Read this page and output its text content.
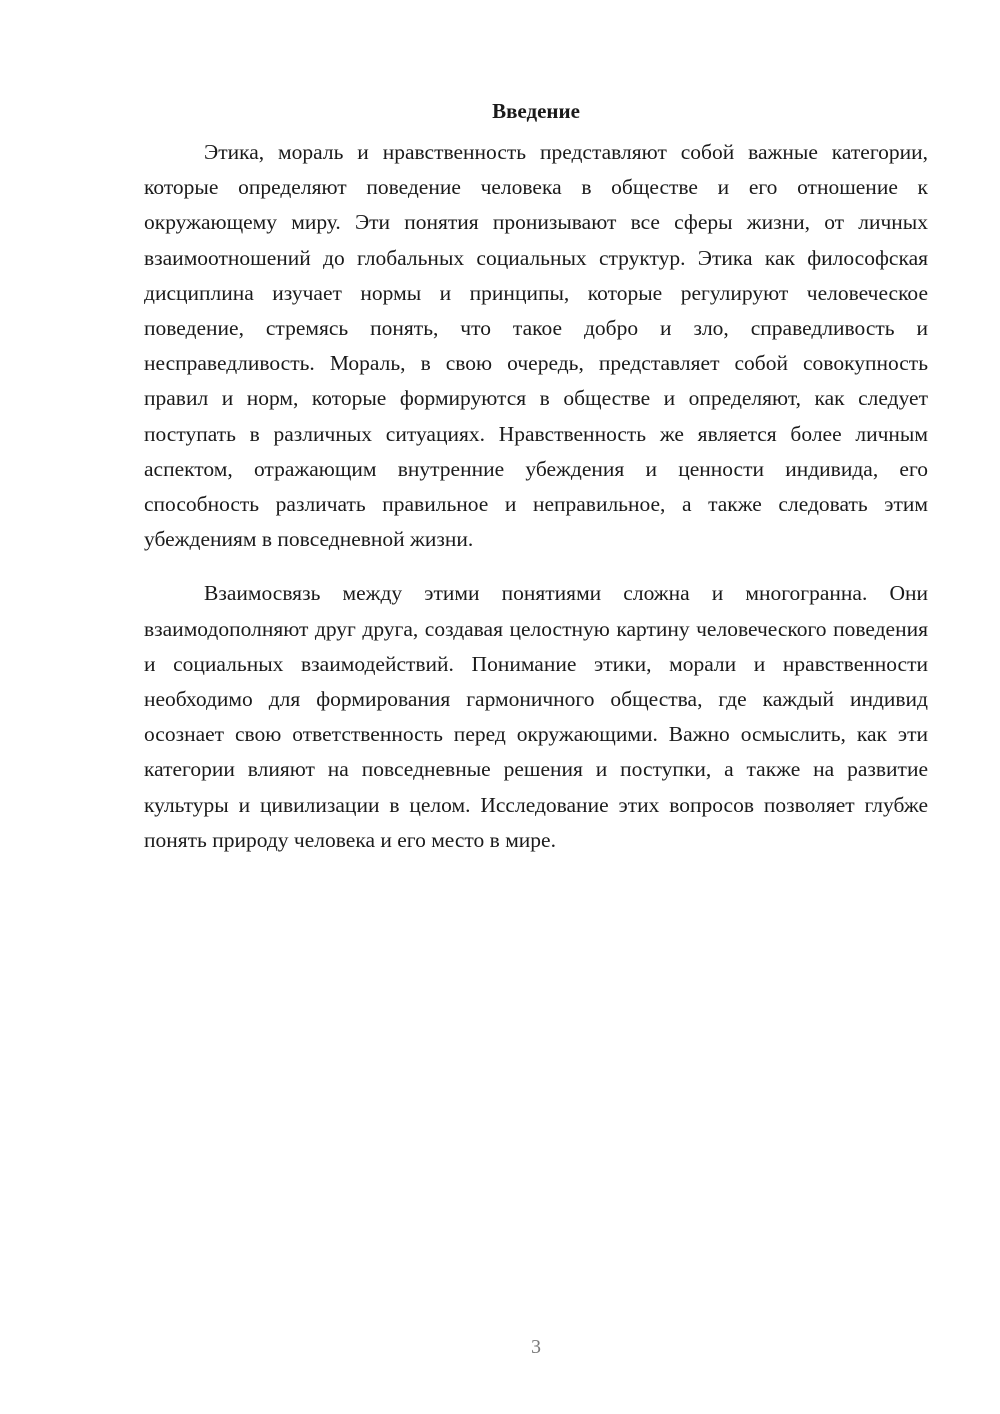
Введение

Этика, мораль и нравственность представляют собой важные категории, которые определяют поведение человека в обществе и его отношение к окружающему миру. Эти понятия пронизывают все сферы жизни, от личных взаимоотношений до глобальных социальных структур. Этика как философская дисциплина изучает нормы и принципы, которые регулируют человеческое поведение, стремясь понять, что такое добро и зло, справедливость и несправедливость. Мораль, в свою очередь, представляет собой совокупность правил и норм, которые формируются в обществе и определяют, как следует поступать в различных ситуациях. Нравственность же является более личным аспектом, отражающим внутренние убеждения и ценности индивида, его способность различать правильное и неправильное, а также следовать этим убеждениям в повседневной жизни.

Взаимосвязь между этими понятиями сложна и многогранна. Они взаимодополняют друг друга, создавая целостную картину человеческого поведения и социальных взаимодействий. Понимание этики, морали и нравственности необходимо для формирования гармоничного общества, где каждый индивид осознает свою ответственность перед окружающими. Важно осмыслить, как эти категории влияют на повседневные решения и поступки, а также на развитие культуры и цивилизации в целом. Исследование этих вопросов позволяет глубже понять природу человека и его место в мире.

3
